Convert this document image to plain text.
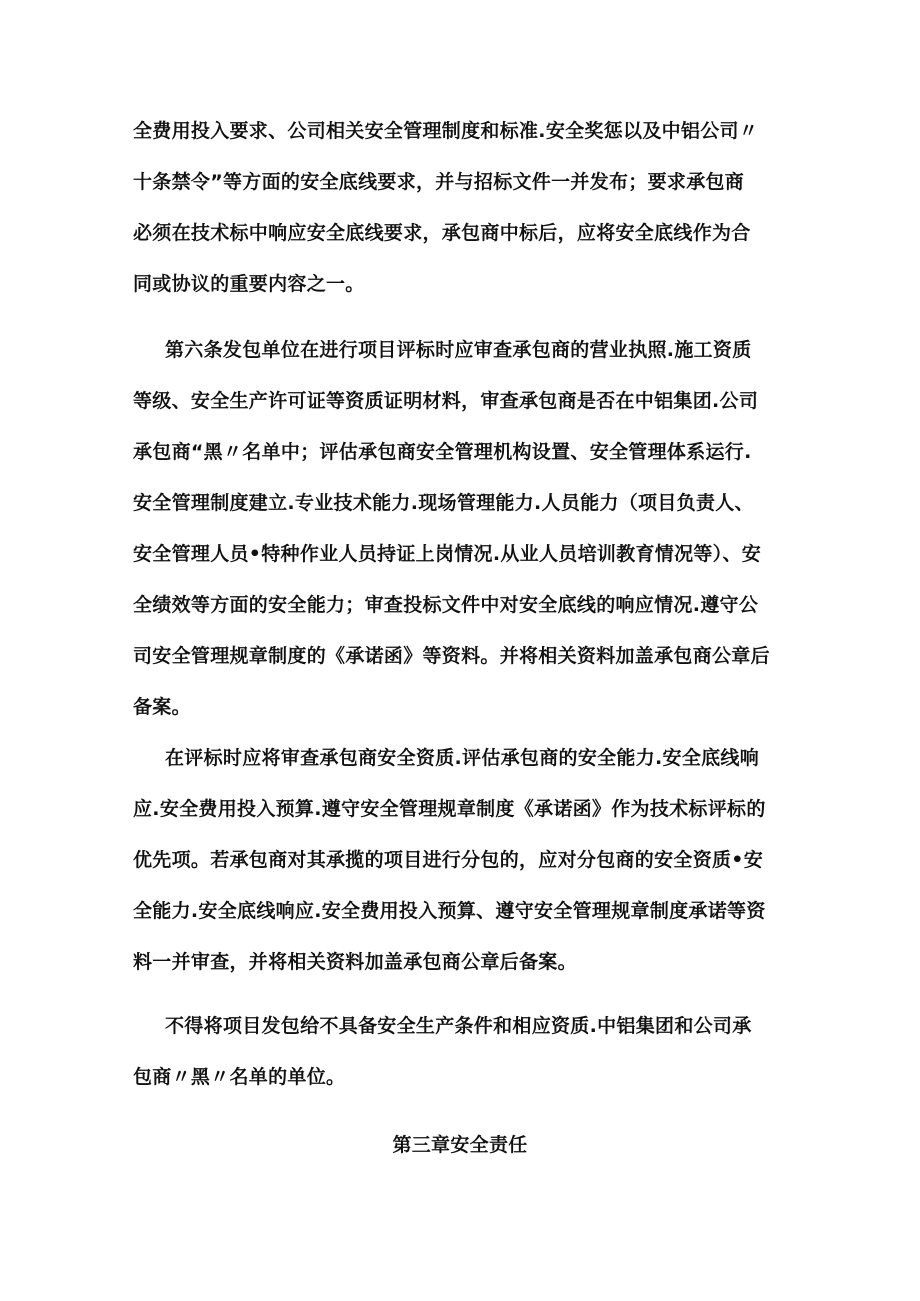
全费用投入要求、公司相关安全管理制度和标准.安全奖惩以及中铝公司〃
十条禁令”等方面的安全底线要求，并与招标文件一并发布；要求承包商
必须在技术标中响应安全底线要求，承包商中标后，应将安全底线作为合
同或协议的重要内容之一。
第六条发包单位在进行项目评标时应审查承包商的营业执照.施工资质
等级、安全生产许可证等资质证明材料，审查承包商是否在中铝集团.公司
承包商“黑〃名单中；评估承包商安全管理机构设置、安全管理体系运行.
安全管理制度建立.专业技术能力.现场管理能力.人员能力（项目负责人、
安全管理人员•特种作业人员持证上岗情况.从业人员培训教育情况等）、安
全绩效等方面的安全能力；审查投标文件中对安全底线的响应情况.遵守公
司安全管理规章制度的《承诺函》等资料。并将相关资料加盖承包商公章后
备案。
在评标时应将审查承包商安全资质.评估承包商的安全能力.安全底线响
应.安全费用投入预算.遵守安全管理规章制度《承诺函》作为技术标评标的
优先项。若承包商对其承揽的项目进行分包的，应对分包商的安全资质•安
全能力.安全底线响应.安全费用投入预算、遵守安全管理规章制度承诺等资
料一并审查，并将相关资料加盖承包商公章后备案。
不得将项目发包给不具备安全生产条件和相应资质.中铝集团和公司承
包商〃黑〃名单的单位。
第三章安全责任
